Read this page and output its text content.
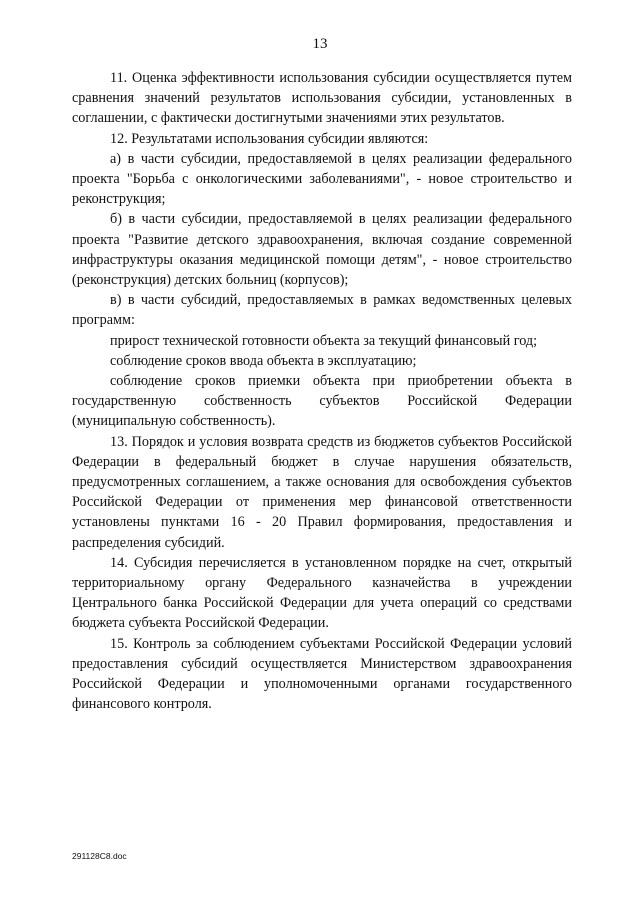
13

11. Оценка эффективности использования субсидии осуществляется путем сравнения значений результатов использования субсидии, установленных в соглашении, с фактически достигнутыми значениями этих результатов.

12. Результатами использования субсидии являются:

а) в части субсидии, предоставляемой в целях реализации федерального проекта "Борьба с онкологическими заболеваниями", - новое строительство и реконструкция;

б) в части субсидии, предоставляемой в целях реализации федерального проекта "Развитие детского здравоохранения, включая создание современной инфраструктуры оказания медицинской помощи детям", - новое строительство (реконструкция) детских больниц (корпусов);

в) в части субсидий, предоставляемых в рамках ведомственных целевых программ:

прирост технической готовности объекта за текущий финансовый год;

соблюдение сроков ввода объекта в эксплуатацию;

соблюдение сроков приемки объекта при приобретении объекта в государственную собственность субъектов Российской Федерации (муниципальную собственность).

13. Порядок и условия возврата средств из бюджетов субъектов Российской Федерации в федеральный бюджет в случае нарушения обязательств, предусмотренных соглашением, а также основания для освобождения субъектов Российской Федерации от применения мер финансовой ответственности установлены пунктами 16 - 20 Правил формирования, предоставления и распределения субсидий.

14. Субсидия перечисляется в установленном порядке на счет, открытый территориальному органу Федерального казначейства в учреждении Центрального банка Российской Федерации для учета операций со средствами бюджета субъекта Российской Федерации.

15. Контроль за соблюдением субъектами Российской Федерации условий предоставления субсидий осуществляется Министерством здравоохранения Российской Федерации и уполномоченными органами государственного финансового контроля.

291128C8.doc
